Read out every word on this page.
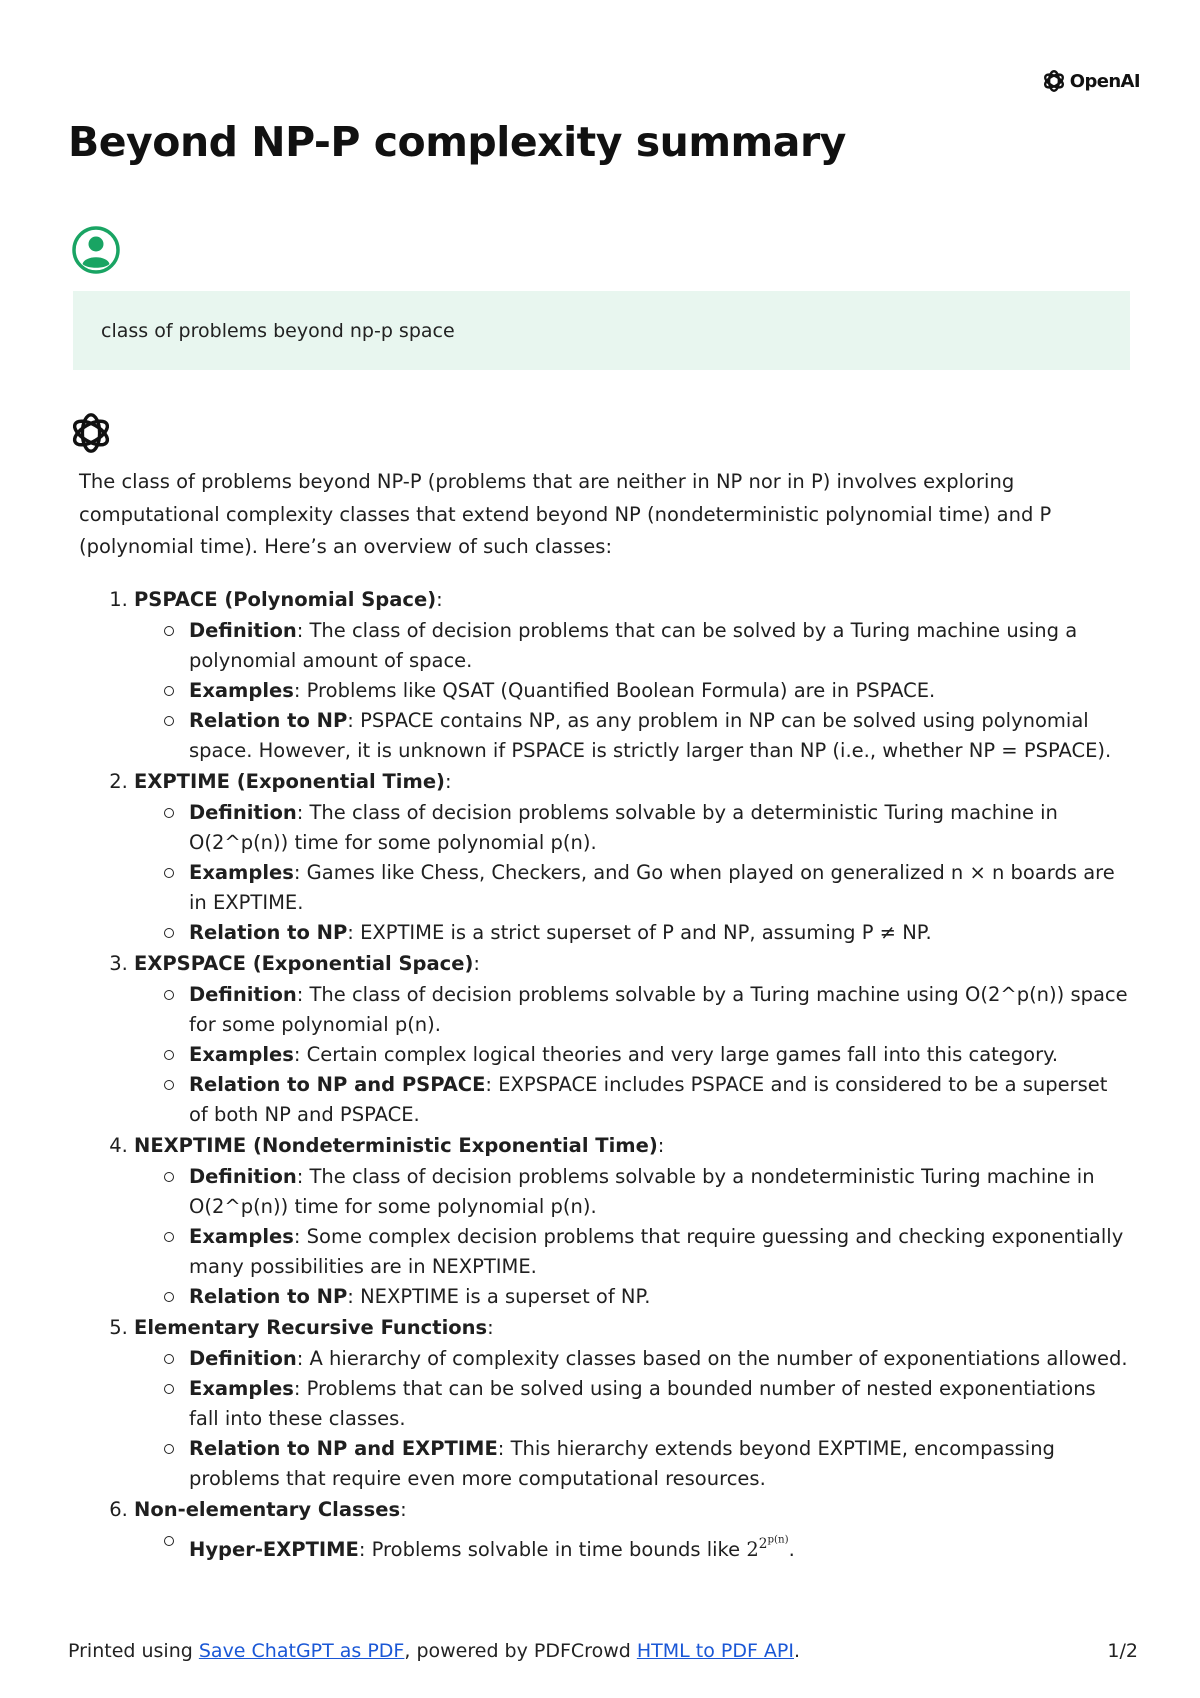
OpenAI
Beyond NP-P complexity summary
class of problems beyond np-p space

The class of problems beyond NP-P (problems that are neither in NP nor in P) involves exploring computational complexity classes that extend beyond NP (nondeterministic polynomial time) and P (polynomial time). Here’s an overview of such classes:

1. PSPACE (Polynomial Space):
Definition: The class of decision problems that can be solved by a Turing machine using a polynomial amount of space.
Examples: Problems like QSAT (Quantified Boolean Formula) are in PSPACE.
Relation to NP: PSPACE contains NP, as any problem in NP can be solved using polynomial space. However, it is unknown if PSPACE is strictly larger than NP (i.e., whether NP = PSPACE).
2. EXPTIME (Exponential Time):
Definition: The class of decision problems solvable by a deterministic Turing machine in O(2^p(n)) time for some polynomial p(n).
Examples: Games like Chess, Checkers, and Go when played on generalized n × n boards are in EXPTIME.
Relation to NP: EXPTIME is a strict superset of P and NP, assuming P ≠ NP.
3. EXPSPACE (Exponential Space):
Definition: The class of decision problems solvable by a Turing machine using O(2^p(n)) space for some polynomial p(n).
Examples: Certain complex logical theories and very large games fall into this category.
Relation to NP and PSPACE: EXPSPACE includes PSPACE and is considered to be a superset of both NP and PSPACE.
4. NEXPTIME (Nondeterministic Exponential Time):
Definition: The class of decision problems solvable by a nondeterministic Turing machine in O(2^p(n)) time for some polynomial p(n).
Examples: Some complex decision problems that require guessing and checking exponentially many possibilities are in NEXPTIME.
Relation to NP: NEXPTIME is a superset of NP.
5. Elementary Recursive Functions:
Definition: A hierarchy of complexity classes based on the number of exponentiations allowed.
Examples: Problems that can be solved using a bounded number of nested exponentiations fall into these classes.
Relation to NP and EXPTIME: This hierarchy extends beyond EXPTIME, encompassing problems that require even more computational resources.
6. Non-elementary Classes:
Hyper-EXPTIME: Problems solvable in time bounds like $2^{2^{p(n)}}$.
Printed using Save ChatGPT as PDF, powered by PDFCrowd HTML to PDF API.	1/2
